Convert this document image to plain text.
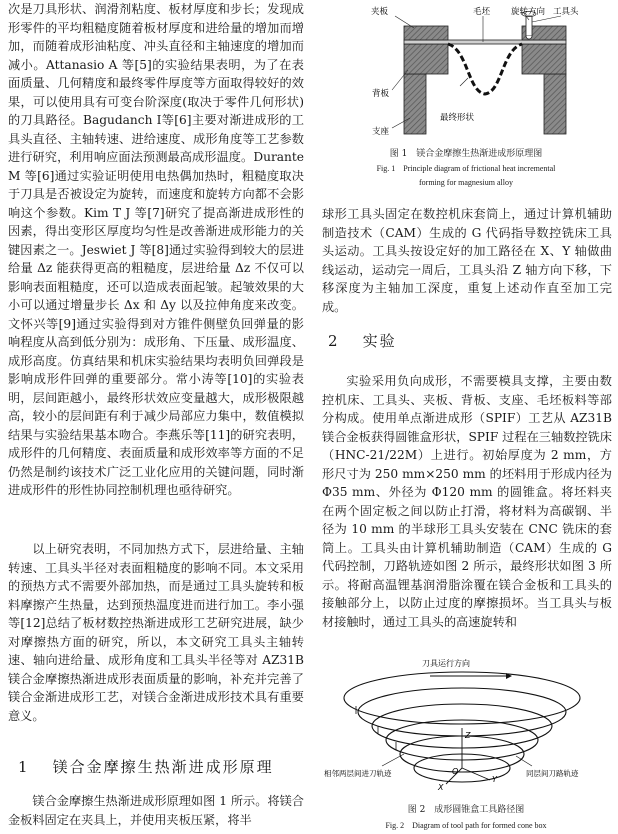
次是刀具形状、润滑剂粘度、板材厚度和步长；发现成形零件的平均粗糙度随着板材厚度和进给量的增加而增加，而随着成形油粘度、冲头直径和主轴速度的增加而减小。Attanasio A 等[5]的实验结果表明，为了在表面质量、几何精度和最终零件厚度等方面取得较好的效果，可以使用具有可变台阶深度(取决于零件几何形状)的刀具路径。Bagudanch I等[6]主要对渐进成形的工具头直径、主轴转速、进给速度、成形角度等工艺参数进行研究，利用响应面法预测最高成形温度。Durante M 等[6]通过实验证明使用电热偶加热时，粗糙度取决于刀具是否被设定为旋转，而速度和旋转方向都不会影响这个参数。Kim T J 等[7]研究了提高渐进成形性的因素，得出变形区厚度均匀性是改善渐进成形能力的关键因素之一。Jeswiet J 等[8]通过实验得到较大的层进给量 Δz 能获得更高的粗糙度，层进给量 Δz 不仅可以影响表面粗糙度，还可以造成表面起皱。起皱效果的大小可以通过增量步长 Δx 和 Δy 以及拉伸角度来改变。文怀兴等[9]通过实验得到对方锥件侧壁负回弹量的影响程度从高到低分别为：成形角、下压量、成形温度、成形高度。仿真结果和机床实验结果均表明负回弹段是影响成形件回弹的重要部分。常小涛等[10]的实验表明，层间距越小，最终形状效应变量越大，成形极限越高，较小的层间距有利于减少局部应力集中，数值模拟结果与实验结果基本吻合。李燕乐等[11]的研究表明，成形件的几何精度、表面质量和成形效率等方面的不足仍然是制约该技术广泛工业化应用的关键问题，同时渐进成形件的形性协同控制机理也亟待研究。

以上研究表明，不同加热方式下，层进给量、主轴转速、工具头半径对表面粗糙度的影响不同。本文采用的预热方式不需要外部加热，而是通过工具头旋转和板料摩擦产生热量，达到预热温度进而进行加工。李小强等[12]总结了板材数控热渐进成形工艺研究进展，缺少对摩擦热方面的研究，所以，本文研究工具头主轴转速、轴向进给量、成形角度和工具头半径等对 AZ31B 镁合金摩擦热渐进成形表面质量的影响，补充并完善了镁合金渐进成形工艺，对镁合金渐进成形技术具有重要意义。

1 镁合金摩擦生热渐进成形原理

镁合金摩擦生热渐进成形原理如图 1 所示。将镁合金板料固定在夹具上，并使用夹板压紧，将半

夹板	毛坯 旋转方向 工具头
背板
支座
最终形状

图 1　镁合金摩擦生热渐进成形原理图

Fig. 1　Principle diagram of frictional heat incremental

forming for magnesium alloy

球形工具头固定在数控机床套筒上，通过计算机辅助制造技术（CAM）生成的 G 代码指导数控铣床工具头运动。工具头按设定好的加工路径在 X、Y 轴做曲线运动，运动完一周后，工具头沿 Z 轴方向下移，下移深度为主轴加工深度，重复上述动作直至加工完成。

2 实验

实验采用负向成形，不需要模具支撑，主要由数控机床、工具头、夹板、背板、支座、毛坯板料等部分构成。使用单点渐进成形（SPIF）工艺从 AZ31B 镁合金板获得圆锥盒形状，SPIF 过程在三轴数控铣床（HNC-21/22M）上进行。初始厚度为 2 mm，方形尺寸为 250 mm×250 mm 的坯料用于形成内径为 Φ35 mm、外径为 Φ120 mm 的圆锥盒。将坯料夹在两个固定板之间以防止打滑，将材料为高碳钢、半径为 10 mm 的半球形工具头安装在 CNC 铣床的套筒上。工具头由计算机辅助制造（CAM）生成的 G 代码控制，刀路轨迹如图 2 所示，最终形状如图 3 所示。将耐高温锂基润滑脂涂覆在镁合金板和工具头的接触部分上，以防止过度的摩擦损坏。当工具头与板材接触时，通过工具头的高速旋转和

Z
Y
X
O
刀具运行方向
相邻两层间进刀轨迹	同层间刀路轨迹

图 2　成形圆锥盒工具路径图

Fig. 2　Diagram of tool path for formed cone box
